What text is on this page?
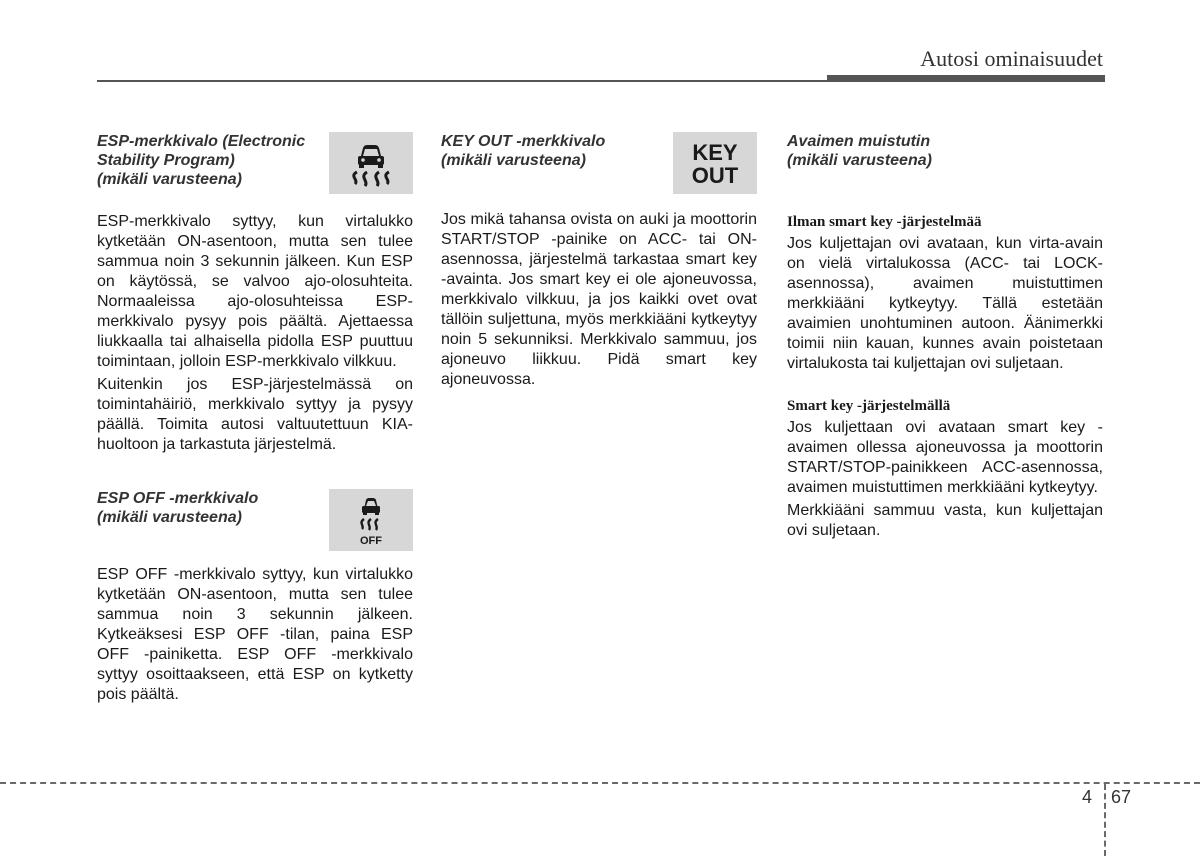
Autosi ominaisuudet
ESP-merkkivalo (Electronic
Stability Program)
(mikäli varusteena)

ESP-merkkivalo syttyy, kun virtalukko kytketään ON-asentoon, mutta sen tulee sammua noin 3 sekunnin jälkeen. Kun ESP on käytössä, se valvoo ajo-olosuhteita. Normaaleissa ajo-olosuhteissa ESP-merkkivalo pysyy pois päältä. Ajettaessa liukkaalla tai alhaisella pidolla ESP puuttuu toimintaan, jolloin ESP-merkkivalo vilkkuu.

Kuitenkin jos ESP-järjestelmässä on toimintahäiriö, merkkivalo syttyy ja pysyy päällä. Toimita autosi valtuutettuun KIA-huoltoon ja tarkastuta järjestelmä.

ESP OFF -merkkivalo
(mikäli varusteena)
OFF

ESP OFF -merkkivalo syttyy, kun virtalukko kytketään ON-asentoon, mutta sen tulee sammua noin 3 sekunnin jälkeen. Kytkeäksesi ESP OFF -tilan, paina ESP OFF -painiketta. ESP OFF -merkkivalo syttyy osoittaakseen, että ESP on kytketty pois päältä.

KEY OUT -merkkivalo
(mikäli varusteena)	KEY
OUT

Jos mikä tahansa ovista on auki ja moottorin START/STOP -painike on ACC- tai ON-asennossa, järjestelmä tarkastaa smart key -avainta. Jos smart key ei ole ajoneuvossa, merkkivalo vilkkuu, ja jos kaikki ovet ovat tällöin suljettuna, myös merkkiääni kytkeytyy noin 5 sekunniksi. Merkkivalo sammuu, jos ajoneuvo liikkuu. Pidä smart key ajoneuvossa.

Avaimen muistutin
(mikäli varusteena)
Ilman smart key -järjestelmää

Jos kuljettajan ovi avataan, kun virta-avain on vielä virtalukossa (ACC- tai LOCK-asennossa), avaimen muistuttimen merkkiääni kytkeytyy. Tällä estetään avaimien unohtuminen autoon. Äänimerkki toimii niin kauan, kunnes avain poistetaan virtalukosta tai kuljettajan ovi suljetaan.

Smart key -järjestelmällä

Jos kuljettaan ovi avataan smart key -avaimen ollessa ajoneuvossa ja moottorin START/STOP-painikkeen ACC-asennossa, avaimen muistuttimen merkkiääni kytkeytyy.

Merkkiääni sammuu vasta, kun kuljettajan ovi suljetaan.

4 67
